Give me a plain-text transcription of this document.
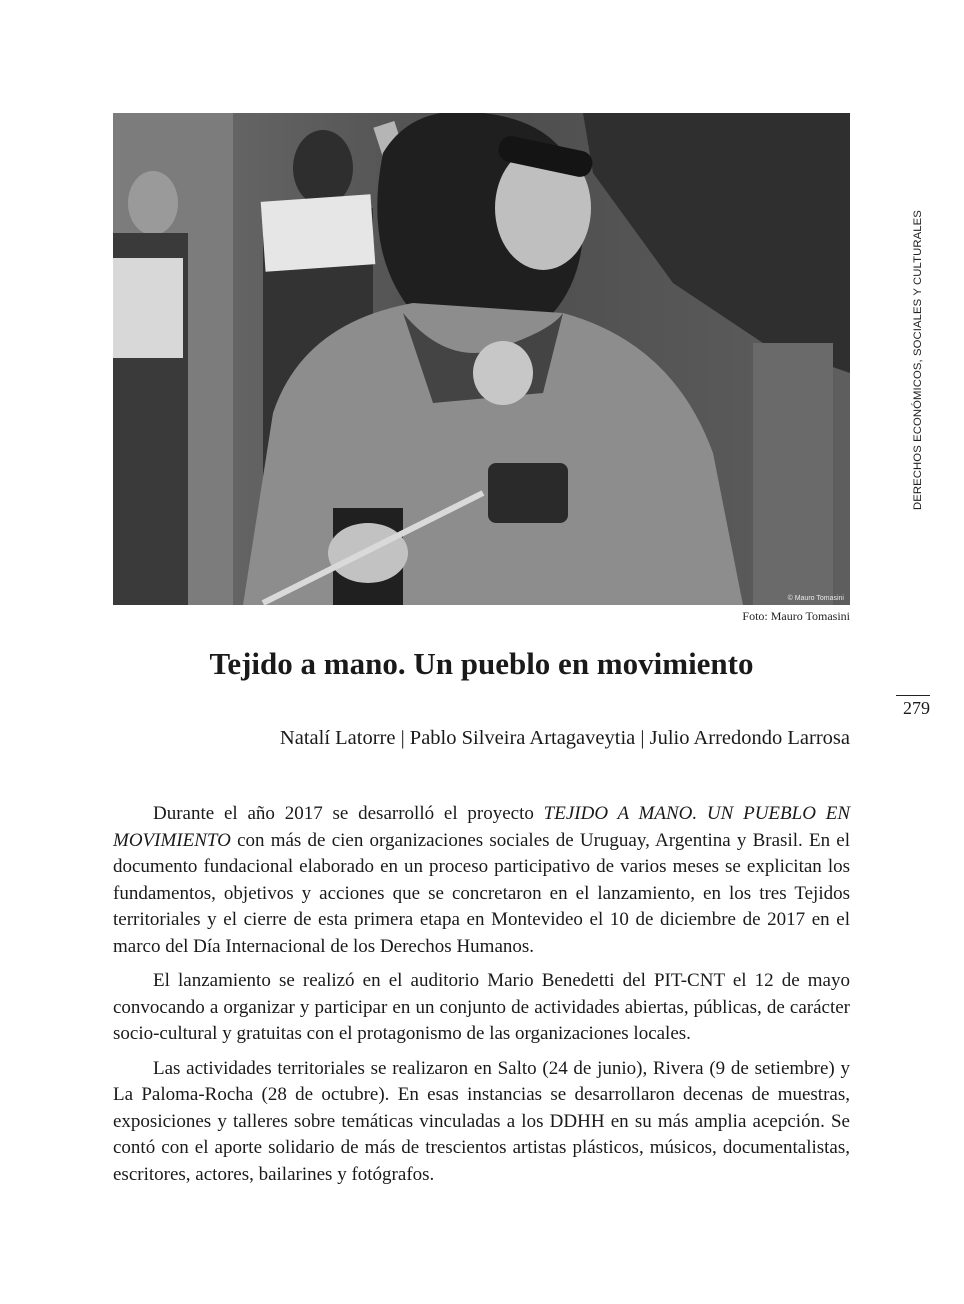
© Mauro Tomasini
Foto: Mauro Tomasini
DERECHOS ECONÓMICOS, SOCIALES Y CULTURALES
279
Tejido a mano. Un pueblo en movimiento
Natalí Latorre | Pablo Silveira Artagaveytia | Julio Arredondo Larrosa

Durante el año 2017 se desarrolló el proyecto TEJIDO A MANO. UN PUEBLO EN MOVIMIENTO con más de cien organizaciones sociales de Uruguay, Argentina y Brasil. En el documento fundacional elaborado en un proceso participativo de varios meses se explicitan los fundamentos, objetivos y acciones que se concretaron en el lanzamiento, en los tres Tejidos territoriales y el cierre de esta primera etapa en Montevideo el 10 de diciembre de 2017 en el marco del Día Internacional de los Derechos Humanos.

El lanzamiento se realizó en el auditorio Mario Benedetti del PIT-CNT el 12 de mayo convocando a organizar y participar en un conjunto de actividades abiertas, públicas, de carácter socio-cultural y gratuitas con el protagonismo de las organizaciones locales.

Las actividades territoriales se realizaron en Salto (24 de junio), Rivera (9 de setiembre) y La Paloma-Rocha (28 de octubre). En esas instancias se desarrollaron decenas de muestras, exposiciones y talleres sobre temáticas vinculadas a los DDHH en su más amplia acepción. Se contó con el aporte solidario de más de trescientos artistas plásticos, músicos, documentalistas, escritores, actores, bailarines y fotógrafos.
